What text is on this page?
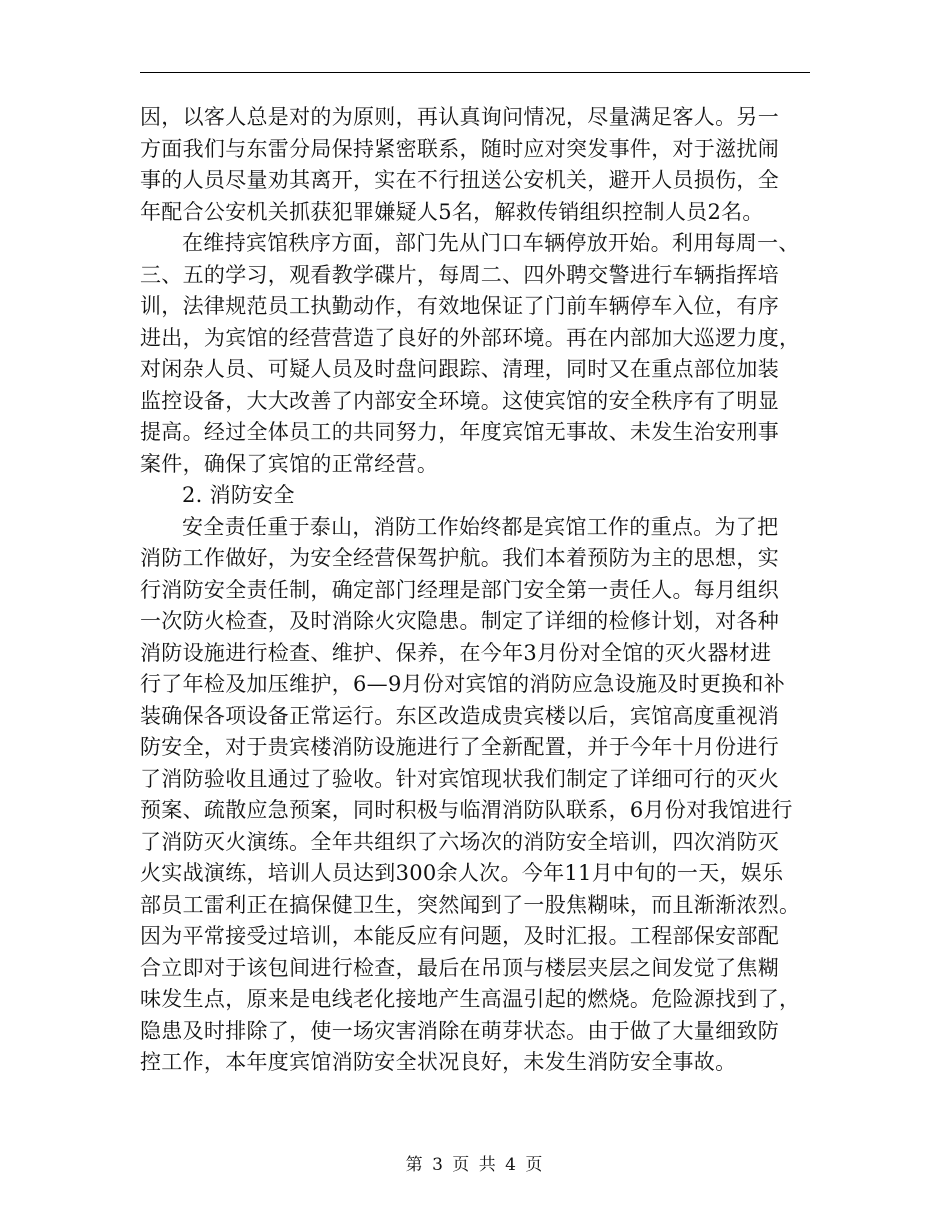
因，以客人总是对的为原则，再认真询问情况，尽量满足客人。另一
方面我们与东雷分局保持紧密联系，随时应对突发事件，对于滋扰闹
事的人员尽量劝其离开，实在不行扭送公安机关，避开人员损伤，全
年配合公安机关抓获犯罪嫌疑人5名，解救传销组织控制人员2名。
在维持宾馆秩序方面，部门先从门口车辆停放开始。利用每周一、
三、五的学习，观看教学碟片，每周二、四外聘交警进行车辆指挥培
训，法律规范员工执勤动作，有效地保证了门前车辆停车入位，有序
进出，为宾馆的经营营造了良好的外部环境。再在内部加大巡逻力度，
对闲杂人员、可疑人员及时盘问跟踪、清理，同时又在重点部位加装
监控设备，大大改善了内部安全环境。这使宾馆的安全秩序有了明显
提高。经过全体员工的共同努力，年度宾馆无事故、未发生治安刑事
案件，确保了宾馆的正常经营。
2. 消防安全
安全责任重于泰山，消防工作始终都是宾馆工作的重点。为了把
消防工作做好，为安全经营保驾护航。我们本着预防为主的思想，实
行消防安全责任制，确定部门经理是部门安全第一责任人。每月组织
一次防火检查，及时消除火灾隐患。制定了详细的检修计划，对各种
消防设施进行检查、维护、保养，在今年3月份对全馆的灭火器材进
行了年检及加压维护，6—9月份对宾馆的消防应急设施及时更换和补
装确保各项设备正常运行。东区改造成贵宾楼以后，宾馆高度重视消
防安全，对于贵宾楼消防设施进行了全新配置，并于今年十月份进行
了消防验收且通过了验收。针对宾馆现状我们制定了详细可行的灭火
预案、疏散应急预案，同时积极与临渭消防队联系，6月份对我馆进行
了消防灭火演练。全年共组织了六场次的消防安全培训，四次消防灭
火实战演练，培训人员达到300余人次。今年11月中旬的一天，娱乐
部员工雷利正在搞保健卫生，突然闻到了一股焦糊味，而且渐渐浓烈。
因为平常接受过培训，本能反应有问题，及时汇报。工程部保安部配
合立即对于该包间进行检查，最后在吊顶与楼层夹层之间发觉了焦糊
味发生点，原来是电线老化接地产生高温引起的燃烧。危险源找到了，
隐患及时排除了，使一场灾害消除在萌芽状态。由于做了大量细致防
控工作，本年度宾馆消防安全状况良好，未发生消防安全事故。
第 3 页 共 4 页
